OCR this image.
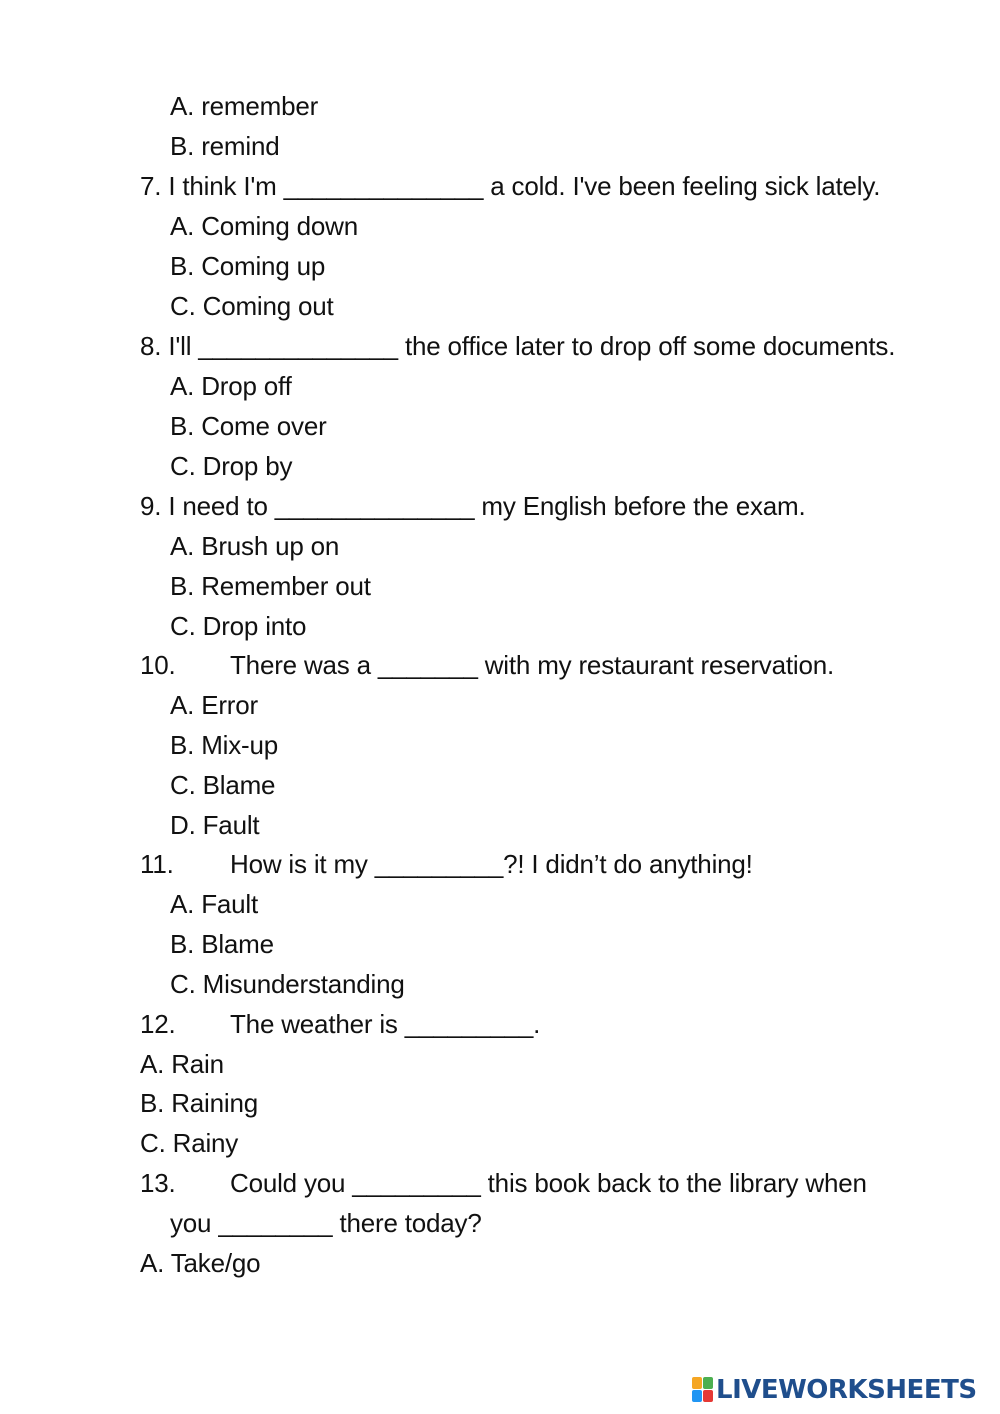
A. remember
B. remind
7. I think I'm ______________ a cold. I've been feeling sick lately.
A. Coming down
B. Coming up
C. Coming out
8. I'll ______________ the office later to drop off some documents.
A. Drop off
B. Come over
C. Drop by
9. I need to ______________ my English before the exam.
A. Brush up on
B. Remember out
C. Drop into
10. There was a _______ with my restaurant reservation.
A. Error
B. Mix-up
C. Blame
D. Fault
11. How is it my _________?! I didn’t do anything!
A. Fault
B. Blame
C. Misunderstanding
12. The weather is _________.
A. Rain
B. Raining
C. Rainy
13. Could you _________ this book back to the library when
you ________ there today?
A. Take/go
LIVEWORKSHEETS
